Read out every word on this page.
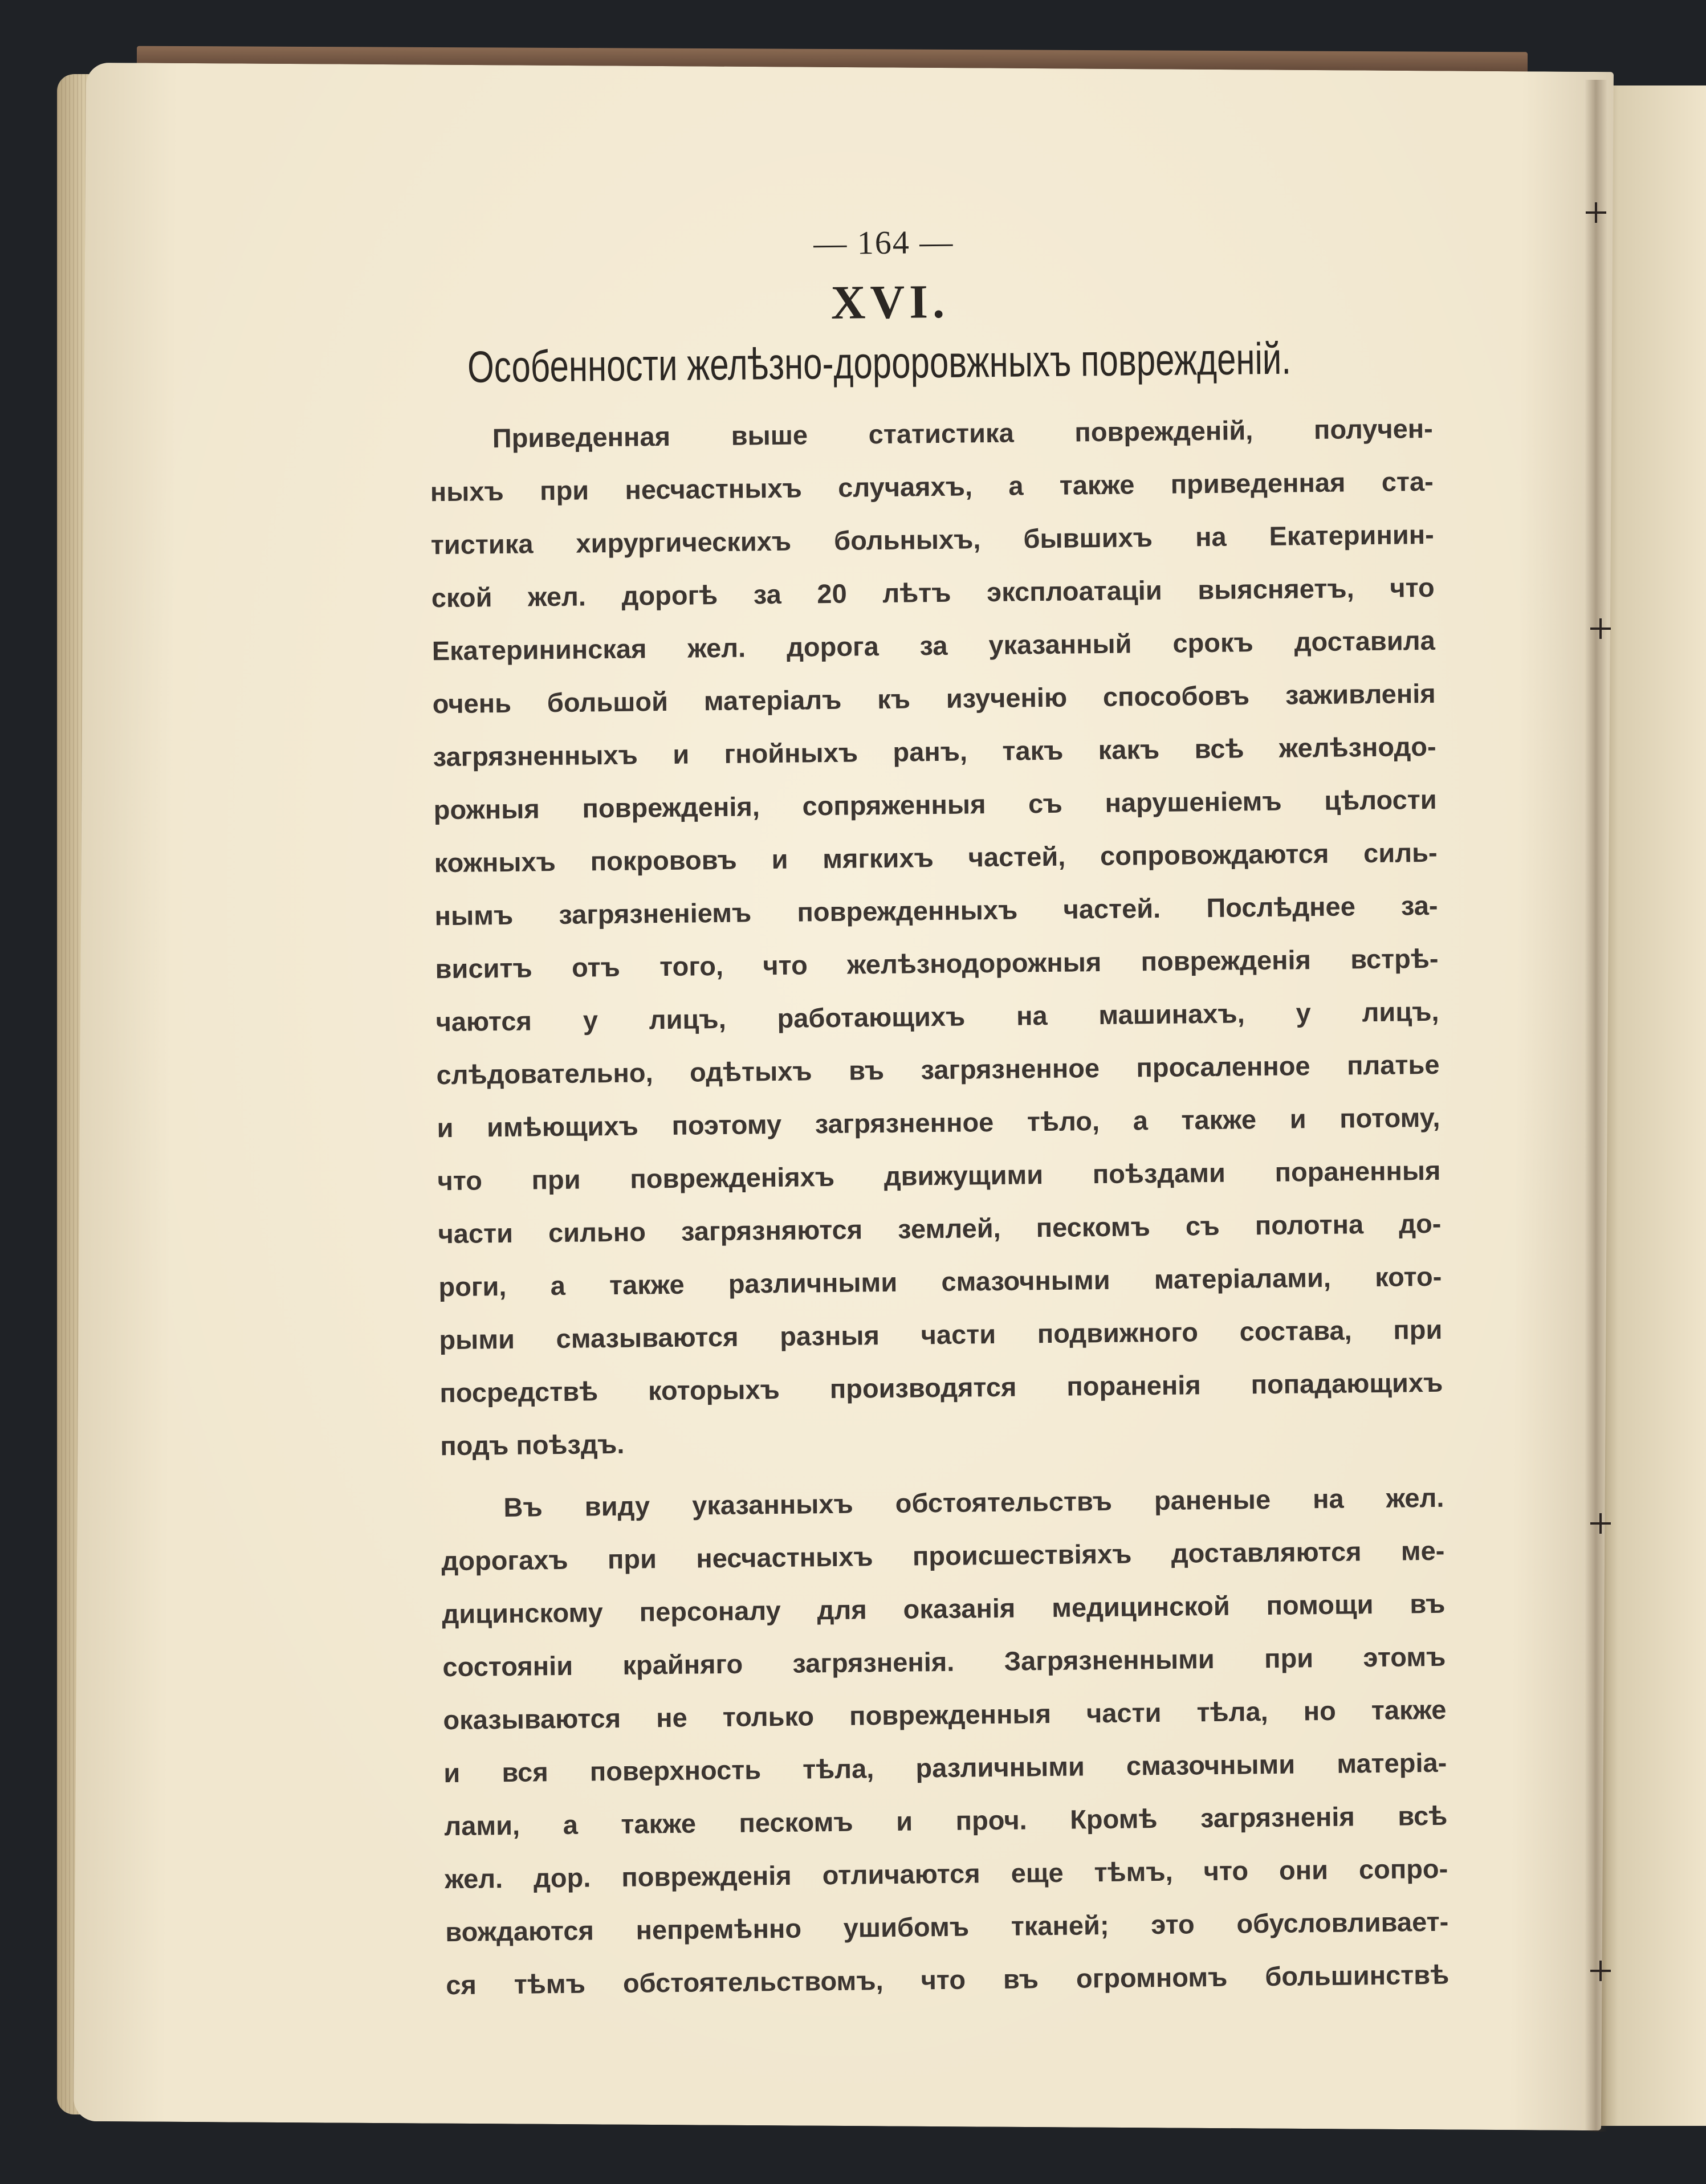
— 164 —
XVI.
Особенности желѣзно-дороровжныхъ поврежденій.
Приведенная выше статистика поврежденій, получен-
ныхъ при несчастныхъ случаяхъ, а также приведенная ста-
тистика хирургическихъ больныхъ, бывшихъ на Екатеринин-
ской жел. дорогѣ за 20 лѣтъ эксплоатаціи выясняетъ, что
Екатерининская жел. дорога за указанный срокъ доставила
очень большой матеріалъ къ изученію способовъ заживленія
загрязненныхъ и гнойныхъ ранъ, такъ какъ всѣ желѣзнодо-
рожныя поврежденія, сопряженныя съ нарушеніемъ цѣлости
кожныхъ покрововъ и мягкихъ частей, сопровождаются силь-
нымъ загрязненіемъ поврежденныхъ частей. Послѣднее за-
виситъ отъ того, что желѣзнодорожныя поврежденія встрѣ-
чаются у лицъ, работающихъ на машинахъ, у лицъ,
слѣдовательно, одѣтыхъ въ загрязненное просаленное платье
и имѣющихъ поэтому загрязненное тѣло, а также и потому,
что при поврежденіяхъ движущими поѣздами пораненныя
части сильно загрязняются землей, пескомъ съ полотна до-
роги, а также различными смазочными матеріалами, кото-
рыми смазываются разныя части подвижного состава, при
посредствѣ которыхъ производятся пораненія попадающихъ
подъ поѣздъ.
Въ виду указанныхъ обстоятельствъ раненые на жел.
дорогахъ при несчастныхъ происшествіяхъ доставляются ме-
дицинскому персоналу для оказанія медицинской помощи въ
состояніи крайняго загрязненія. Загрязненными при этомъ
оказываются не только поврежденныя части тѣла, но также
и вся поверхность тѣла, различными смазочными матеріа-
лами, а также пескомъ и проч. Кромѣ загрязненія всѣ
жел. дор. поврежденія отличаются еще тѣмъ, что они сопро-
вождаются непремѣнно ушибомъ тканей; это обусловливает-
ся тѣмъ обстоятельствомъ, что въ огромномъ большинствѣ
